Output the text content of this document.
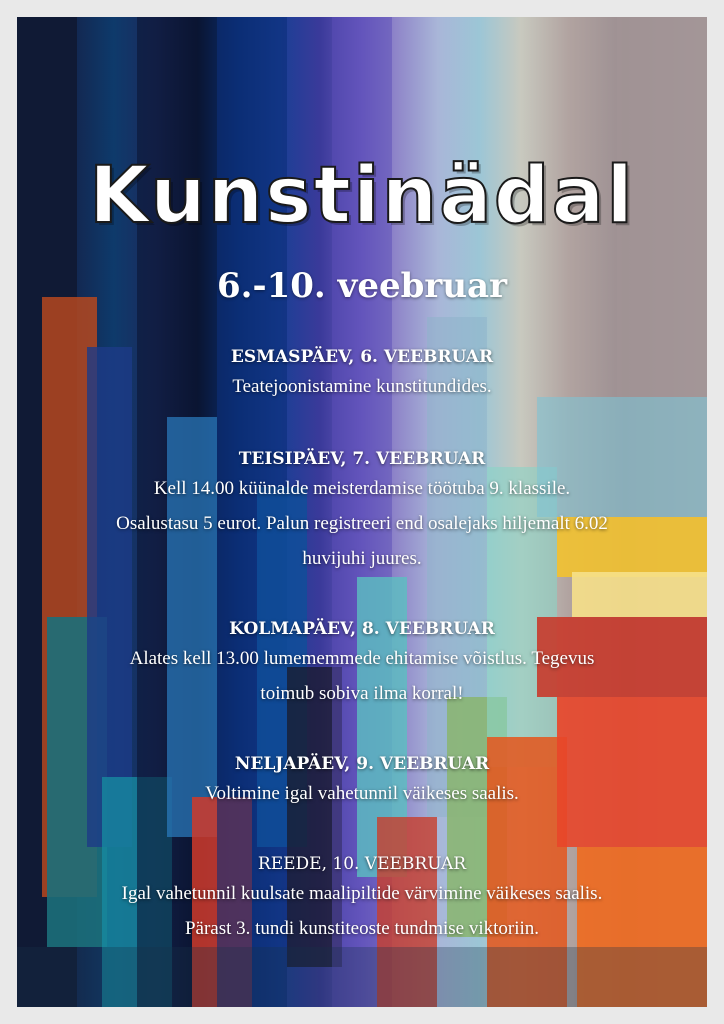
Kunstinädal
6.-10. veebruar
ESMASPÄEV, 6. VEEBRUAR
Teatejoonistamine kunstitundides.
TEISIPÄEV, 7. VEEBRUAR
Kell 14.00 küünalde meisterdamise töötuba 9. klassile.
Osalustasu 5 eurot. Palun registreeri end osalejaks hiljemalt 6.02
huvijuhi juures.
KOLMAPÄEV, 8. VEEBRUAR
Alates kell 13.00 lumememmede ehitamise võistlus. Tegevus
toimub sobiva ilma korral!
NELJAPÄEV, 9. VEEBRUAR
Voltimine igal vahetunnil väikeses saalis.
REEDE, 10. VEEBRUAR
Igal vahetunnil kuulsate maalipiltide värvimine väikeses saalis.
Pärast 3. tundi kunstiteoste tundmise viktoriin.
